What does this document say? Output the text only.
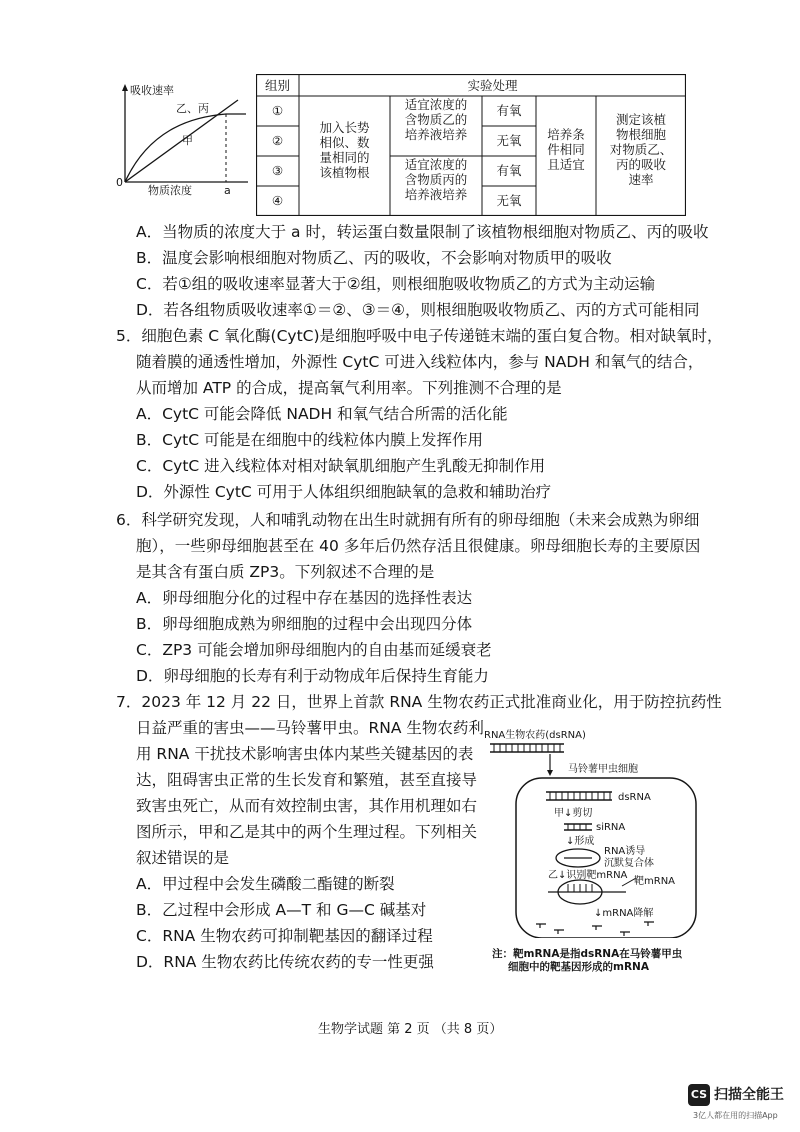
吸收速率
乙、丙
甲
0
物质浓度	a
组别	实验处理
①
②
③
④
加入长势
相似、数
量相同的
该植物根
适宜浓度的
含物质乙的
培养液培养
适宜浓度的
含物质丙的
培养液培养
有氧
无氧
有氧
无氧
培养条
件相同
且适宜
测定该植
物根细胞
对物质乙、
丙的吸收
速率
A．当物质的浓度大于 a 时，转运蛋白数量限制了该植物根细胞对物质乙、丙的吸收
B．温度会影响根细胞对物质乙、丙的吸收，不会影响对物质甲的吸收
C．若①组的吸收速率显著大于②组，则根细胞吸收物质乙的方式为主动运输
D．若各组物质吸收速率①＝②、③＝④，则根细胞吸收物质乙、丙的方式可能相同
5．细胞色素 C 氧化酶(CytC)是细胞呼吸中电子传递链末端的蛋白复合物。相对缺氧时，
随着膜的通透性增加，外源性 CytC 可进入线粒体内，参与 NADH 和氧气的结合，
从而增加 ATP 的合成，提高氧气利用率。下列推测不合理的是
A．CytC 可能会降低 NADH 和氧气结合所需的活化能
B．CytC 可能是在细胞中的线粒体内膜上发挥作用
C．CytC 进入线粒体对相对缺氧肌细胞产生乳酸无抑制作用
D．外源性 CytC 可用于人体组织细胞缺氧的急救和辅助治疗
6．科学研究发现，人和哺乳动物在出生时就拥有所有的卵母细胞（未来会成熟为卵细
胞），一些卵母细胞甚至在 40 多年后仍然存活且很健康。卵母细胞长寿的主要原因
是其含有蛋白质 ZP3。下列叙述不合理的是
A．卵母细胞分化的过程中存在基因的选择性表达
B．卵母细胞成熟为卵细胞的过程中会出现四分体
C．ZP3 可能会增加卵母细胞内的自由基而延缓衰老
D．卵母细胞的长寿有利于动物成年后保持生育能力
7．2023 年 12 月 22 日，世界上首款 RNA 生物农药正式批准商业化，用于防控抗药性
日益严重的害虫——马铃薯甲虫。RNA 生物农药利
用 RNA 干扰技术影响害虫体内某些关键基因的表
达，阻碍害虫正常的生长发育和繁殖，甚至直接导
致害虫死亡，从而有效控制虫害，其作用机理如右
图所示，甲和乙是其中的两个生理过程。下列相关
叙述错误的是
A．甲过程中会发生磷酸二酯键的断裂
B．乙过程中会形成 A—T 和 G—C 碱基对
C．RNA 生物农药可抑制靶基因的翻译过程
D．RNA 生物农药比传统农药的专一性更强
RNA生物农药(dsRNA)
马铃薯甲虫细胞
dsRNA
甲↓剪切
siRNA
↓形成
RNA诱导
沉默复合体
乙↓识别靶mRNA
靶mRNA
↓mRNA降解
注：靶mRNA是指dsRNA在马铃薯甲虫
细胞中的靶基因形成的mRNA
生物学试题 第 2 页 （共 8 页）
CS 扫描全能王
3亿人都在用的扫描App
